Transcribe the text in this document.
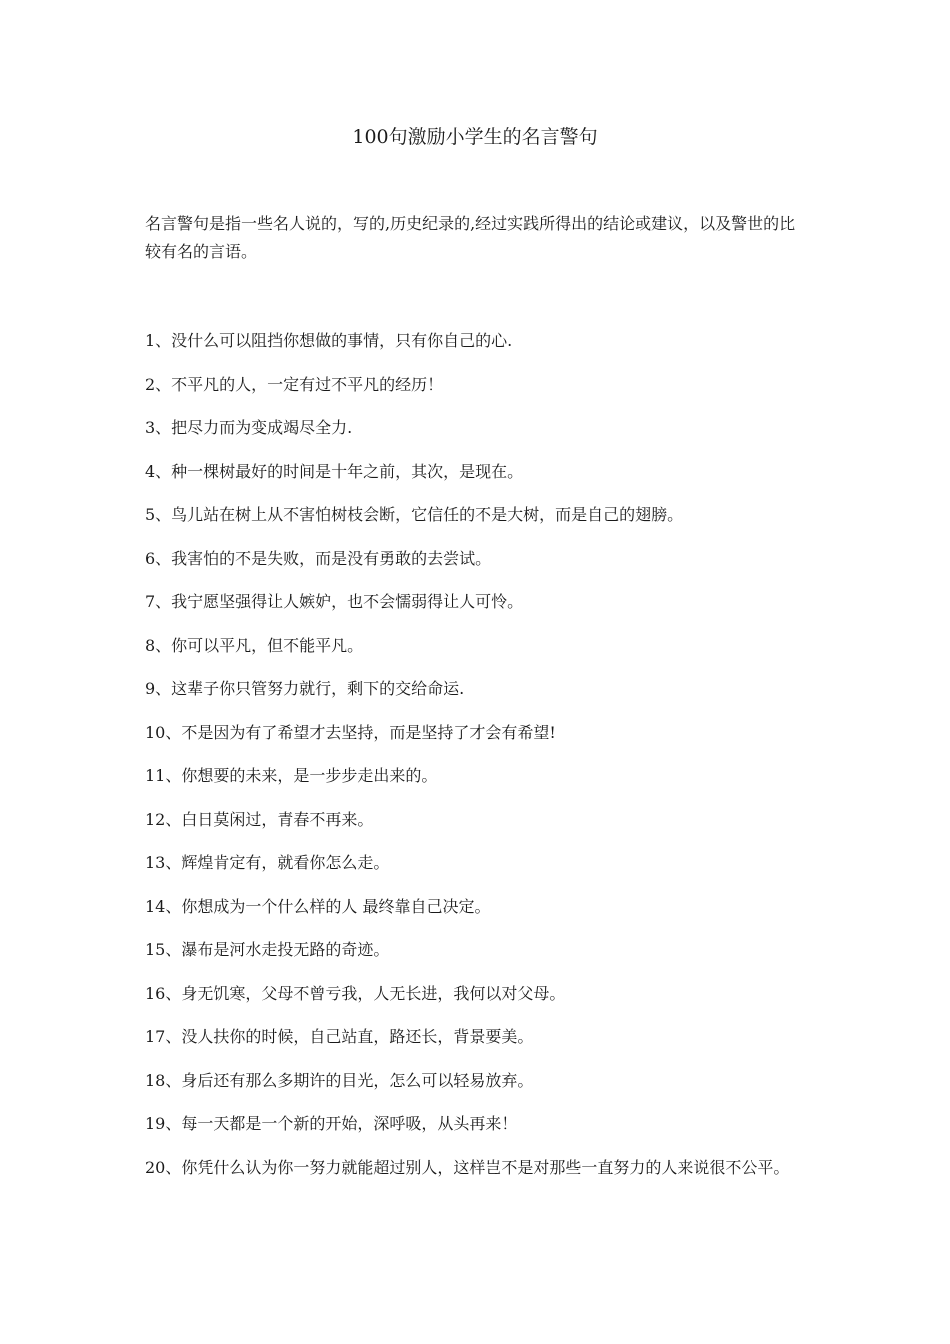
100句激励小学生的名言警句

名言警句是指一些名人说的，写的,历史纪录的,经过实践所得出的结论或建议，以及警世的比较有名的言语。

1、没什么可以阻挡你想做的事情，只有你自己的心.
2、不平凡的人，一定有过不平凡的经历！
3、把尽力而为变成竭尽全力.
4、种一棵树最好的时间是十年之前，其次，是现在。
5、鸟儿站在树上从不害怕树枝会断，它信任的不是大树，而是自己的翅膀。
6、我害怕的不是失败，而是没有勇敢的去尝试。
7、我宁愿坚强得让人嫉妒，也不会懦弱得让人可怜。
8、你可以平凡，但不能平凡。
9、这辈子你只管努力就行，剩下的交给命运.
10、不是因为有了希望才去坚持，而是坚持了才会有希望!
11、你想要的未来，是一步步走出来的。
12、白日莫闲过，青春不再来。
13、辉煌肯定有，就看你怎么走。
14、你想成为一个什么样的人 最终靠自己决定。
15、瀑布是河水走投无路的奇迹。
16、身无饥寒，父母不曾亏我，人无长进，我何以对父母。
17、没人扶你的时候，自己站直，路还长，背景要美。
18、身后还有那么多期许的目光，怎么可以轻易放弃。
19、每一天都是一个新的开始，深呼吸，从头再来！
20、你凭什么认为你一努力就能超过别人，这样岂不是对那些一直努力的人来说很不公平。
